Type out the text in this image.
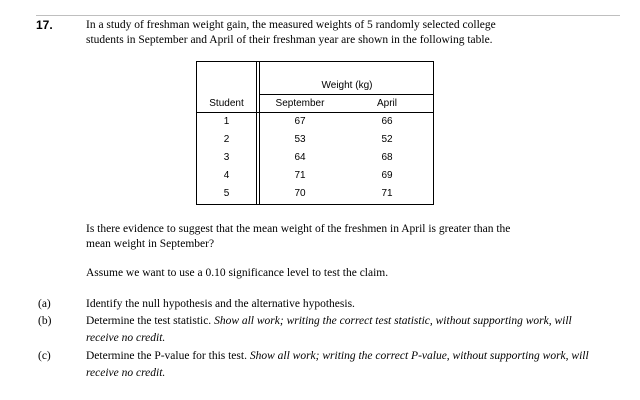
17.	In a study of freshman weight gain, the measured weights of 5 randomly selected college
students in September and April of their freshman year are shown in the following table.
Weight (kg)
Student	September	April
1	67	66
2	53	52
3	64	68
4	71	69
5	70	71
Is there evidence to suggest that the mean weight of the freshmen in April is greater than the
mean weight in September?
Assume we want to use a 0.10 significance level to test the claim.
(a)	Identify the null hypothesis and the alternative hypothesis.
(b)	Determine the test statistic. Show all work; writing the correct test statistic, without supporting work, will receive no credit.
(c)	Determine the P-value for this test. Show all work; writing the correct P-value, without supporting work, will receive no credit.
